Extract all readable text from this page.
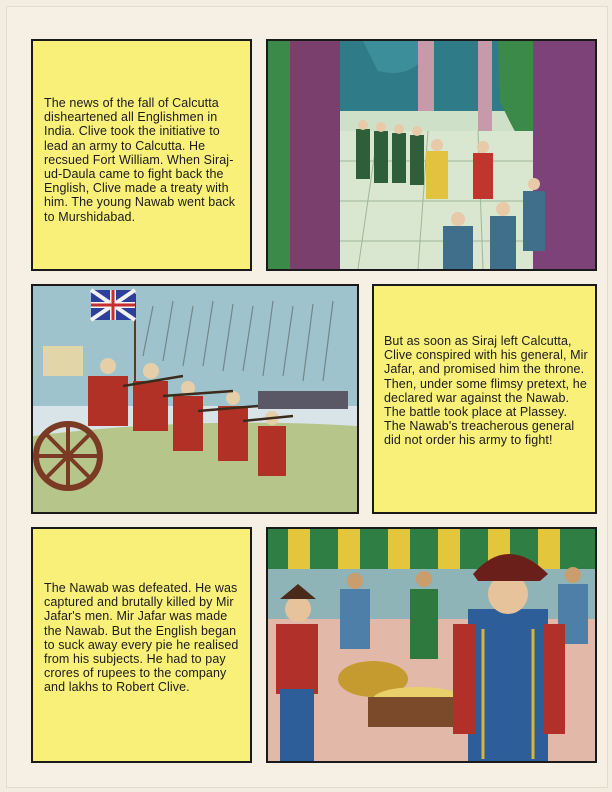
The news of the fall of Calcutta disheartened all Englishmen in India. Clive took the initiative to lead an army to Calcutta. He recsued Fort William. When Siraj-ud-Daula came to fight back the English, Clive made a treaty with him. The young Nawab went back to Murshidabad.

But as soon as Siraj left Calcutta, Clive conspired with his general, Mir Jafar, and promised him the throne. Then, under some flimsy pretext, he declared war against the Nawab. The battle took place at Plassey. The Nawab's treacherous general did not order his army to fight!

The Nawab was defeated. He was captured and brutally killed by Mir Jafar's men. Mir Jafar was made the Nawab. But the English began to suck away every pie he realised from his subjects. He had to pay crores of rupees to the company and lakhs to Robert Clive.
